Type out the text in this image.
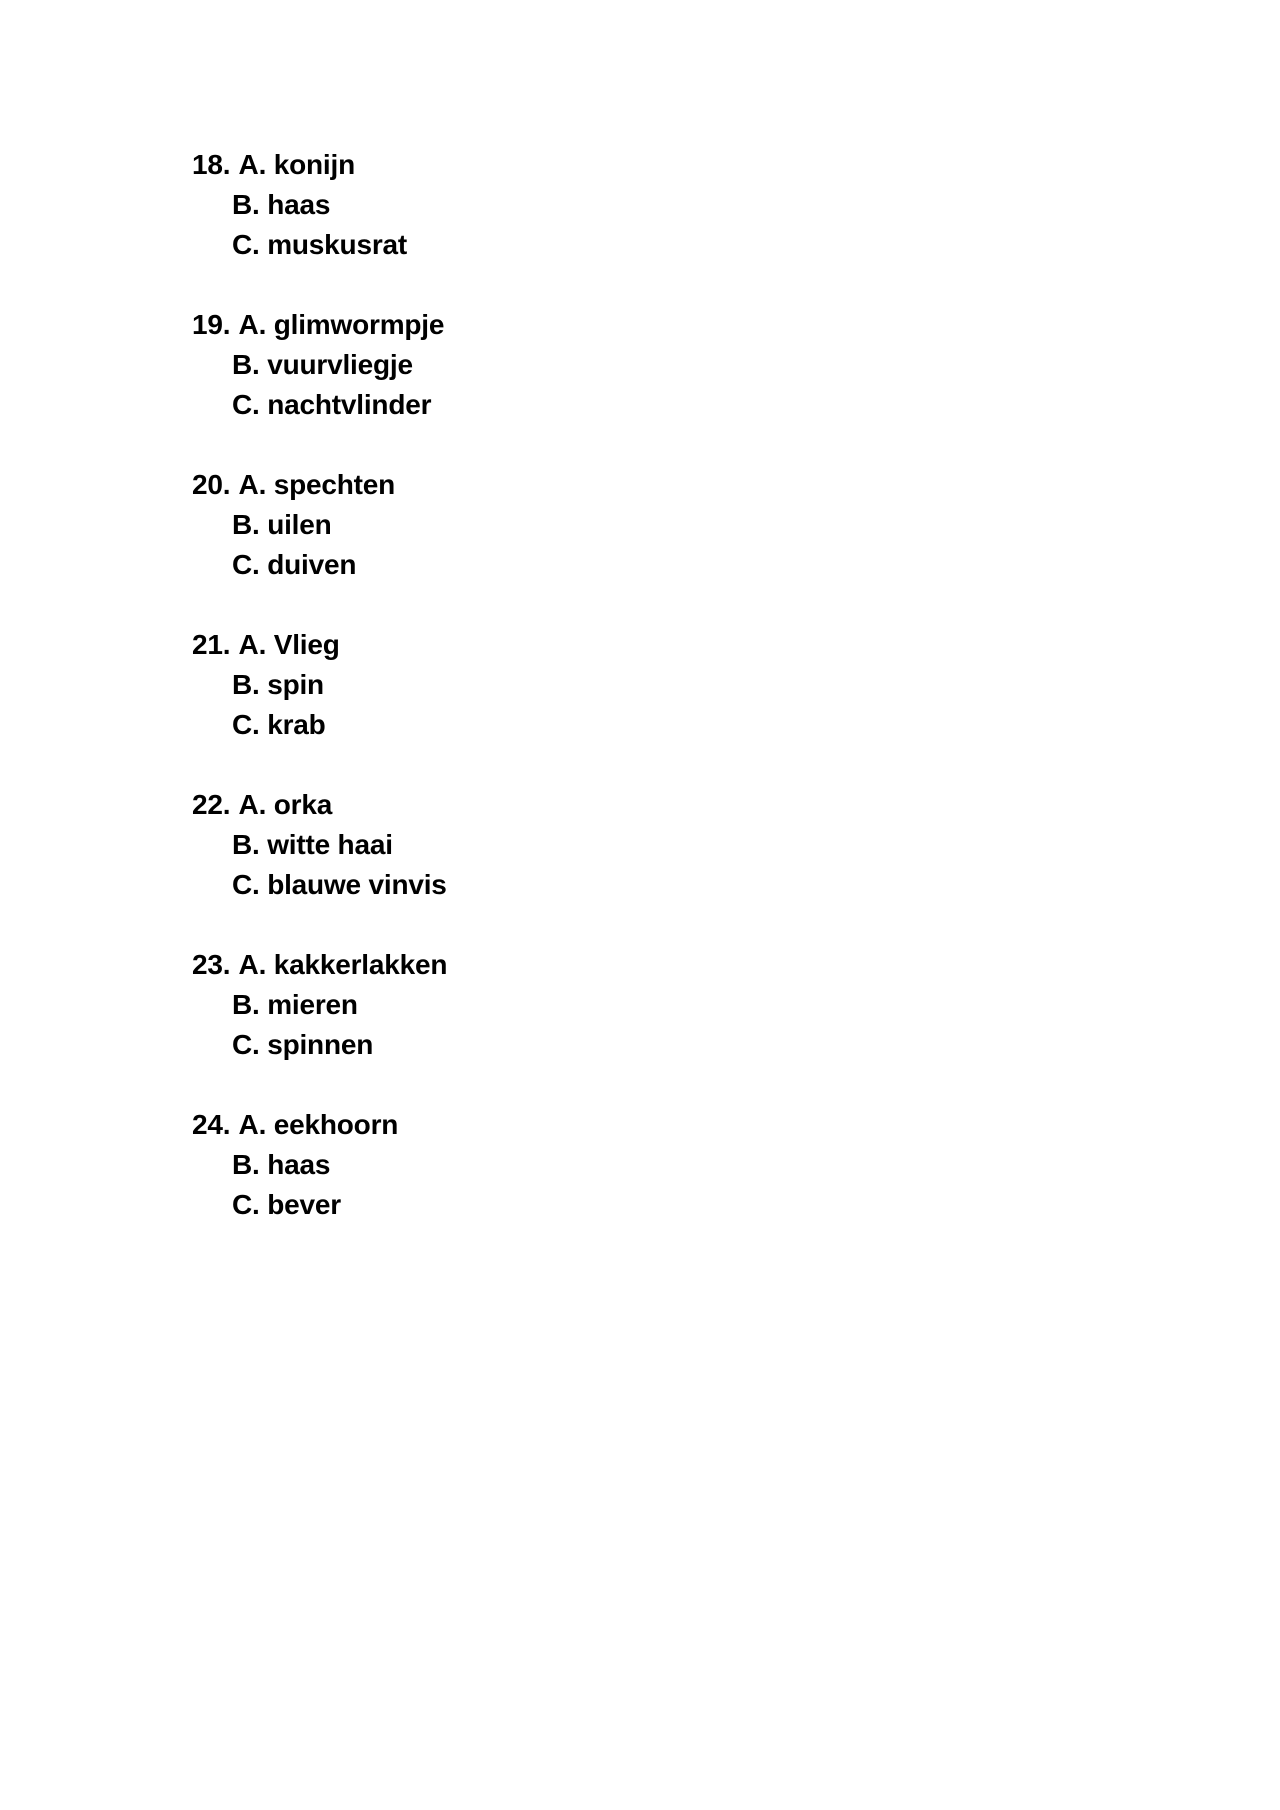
18. A. konijn
B. haas
C. muskusrat
19. A. glimwormpje
B. vuurvliegje
C. nachtvlinder
20. A. spechten
B. uilen
C. duiven
21. A. Vlieg
B. spin
C. krab
22. A. orka
B. witte haai
C. blauwe vinvis
23. A. kakkerlakken
B. mieren
C. spinnen
24. A. eekhoorn
B. haas
C. bever
